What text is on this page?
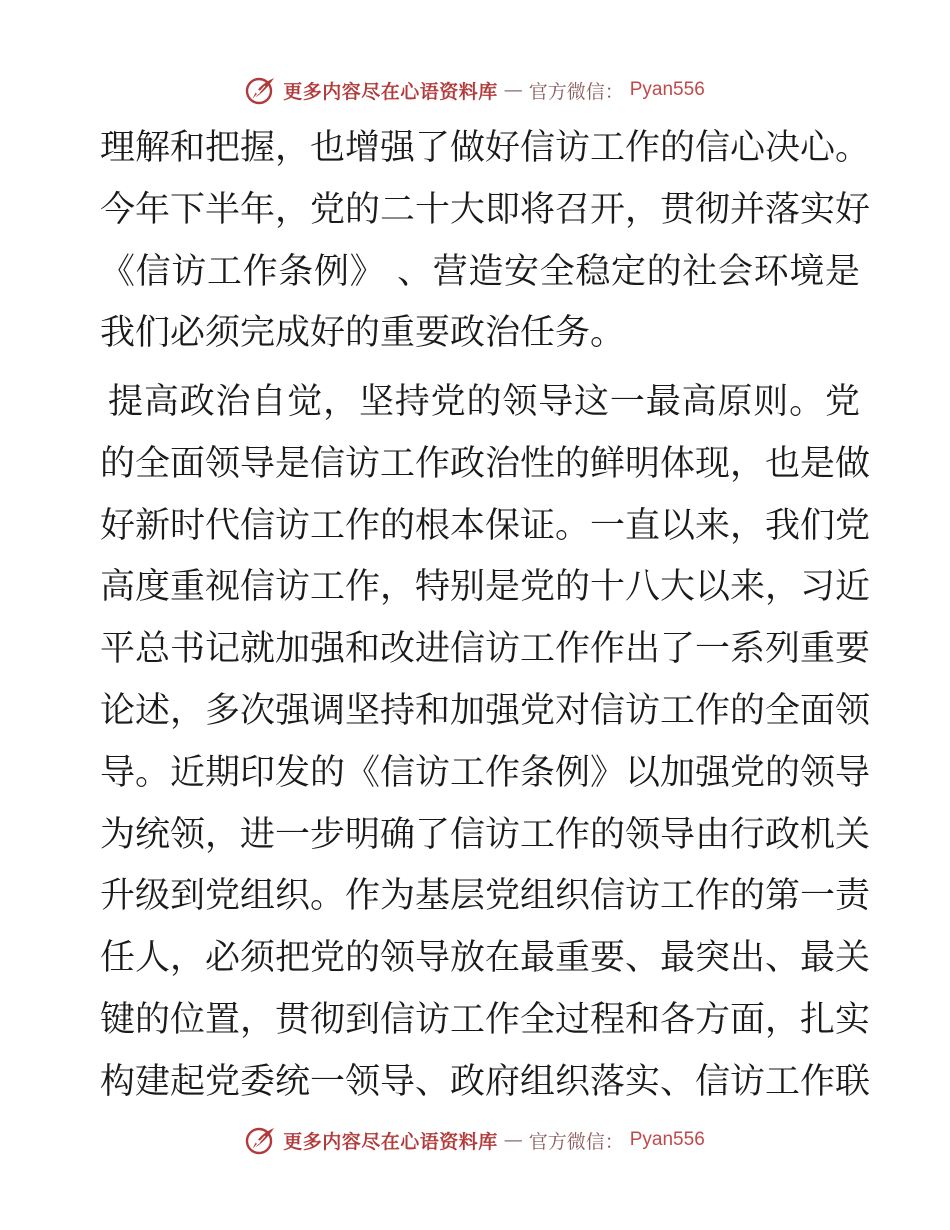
更多内容尽在心语资料库 — 官方微信： Pyan556
理解和把握，也增强了做好信访工作的信心决心。
今年下半年，党的二十大即将召开，贯彻并落实好
《信访工作条例》 、营造安全稳定的社会环境是
我们必须完成好的重要政治任务。
提高政治自觉，坚持党的领导这一最高原则。党
的全面领导是信访工作政治性的鲜明体现，也是做
好新时代信访工作的根本保证。一直以来，我们党
高度重视信访工作，特别是党的十八大以来，习近
平总书记就加强和改进信访工作作出了一系列重要
论述，多次强调坚持和加强党对信访工作的全面领
导。近期印发的《信访工作条例》以加强党的领导
为统领，进一步明确了信访工作的领导由行政机关
升级到党组织。作为基层党组织信访工作的第一责
任人，必须把党的领导放在最重要、最突出、最关
键的位置，贯彻到信访工作全过程和各方面，扎实
构建起党委统一领导、政府组织落实、信访工作联
更多内容尽在心语资料库 — 官方微信： Pyan556
